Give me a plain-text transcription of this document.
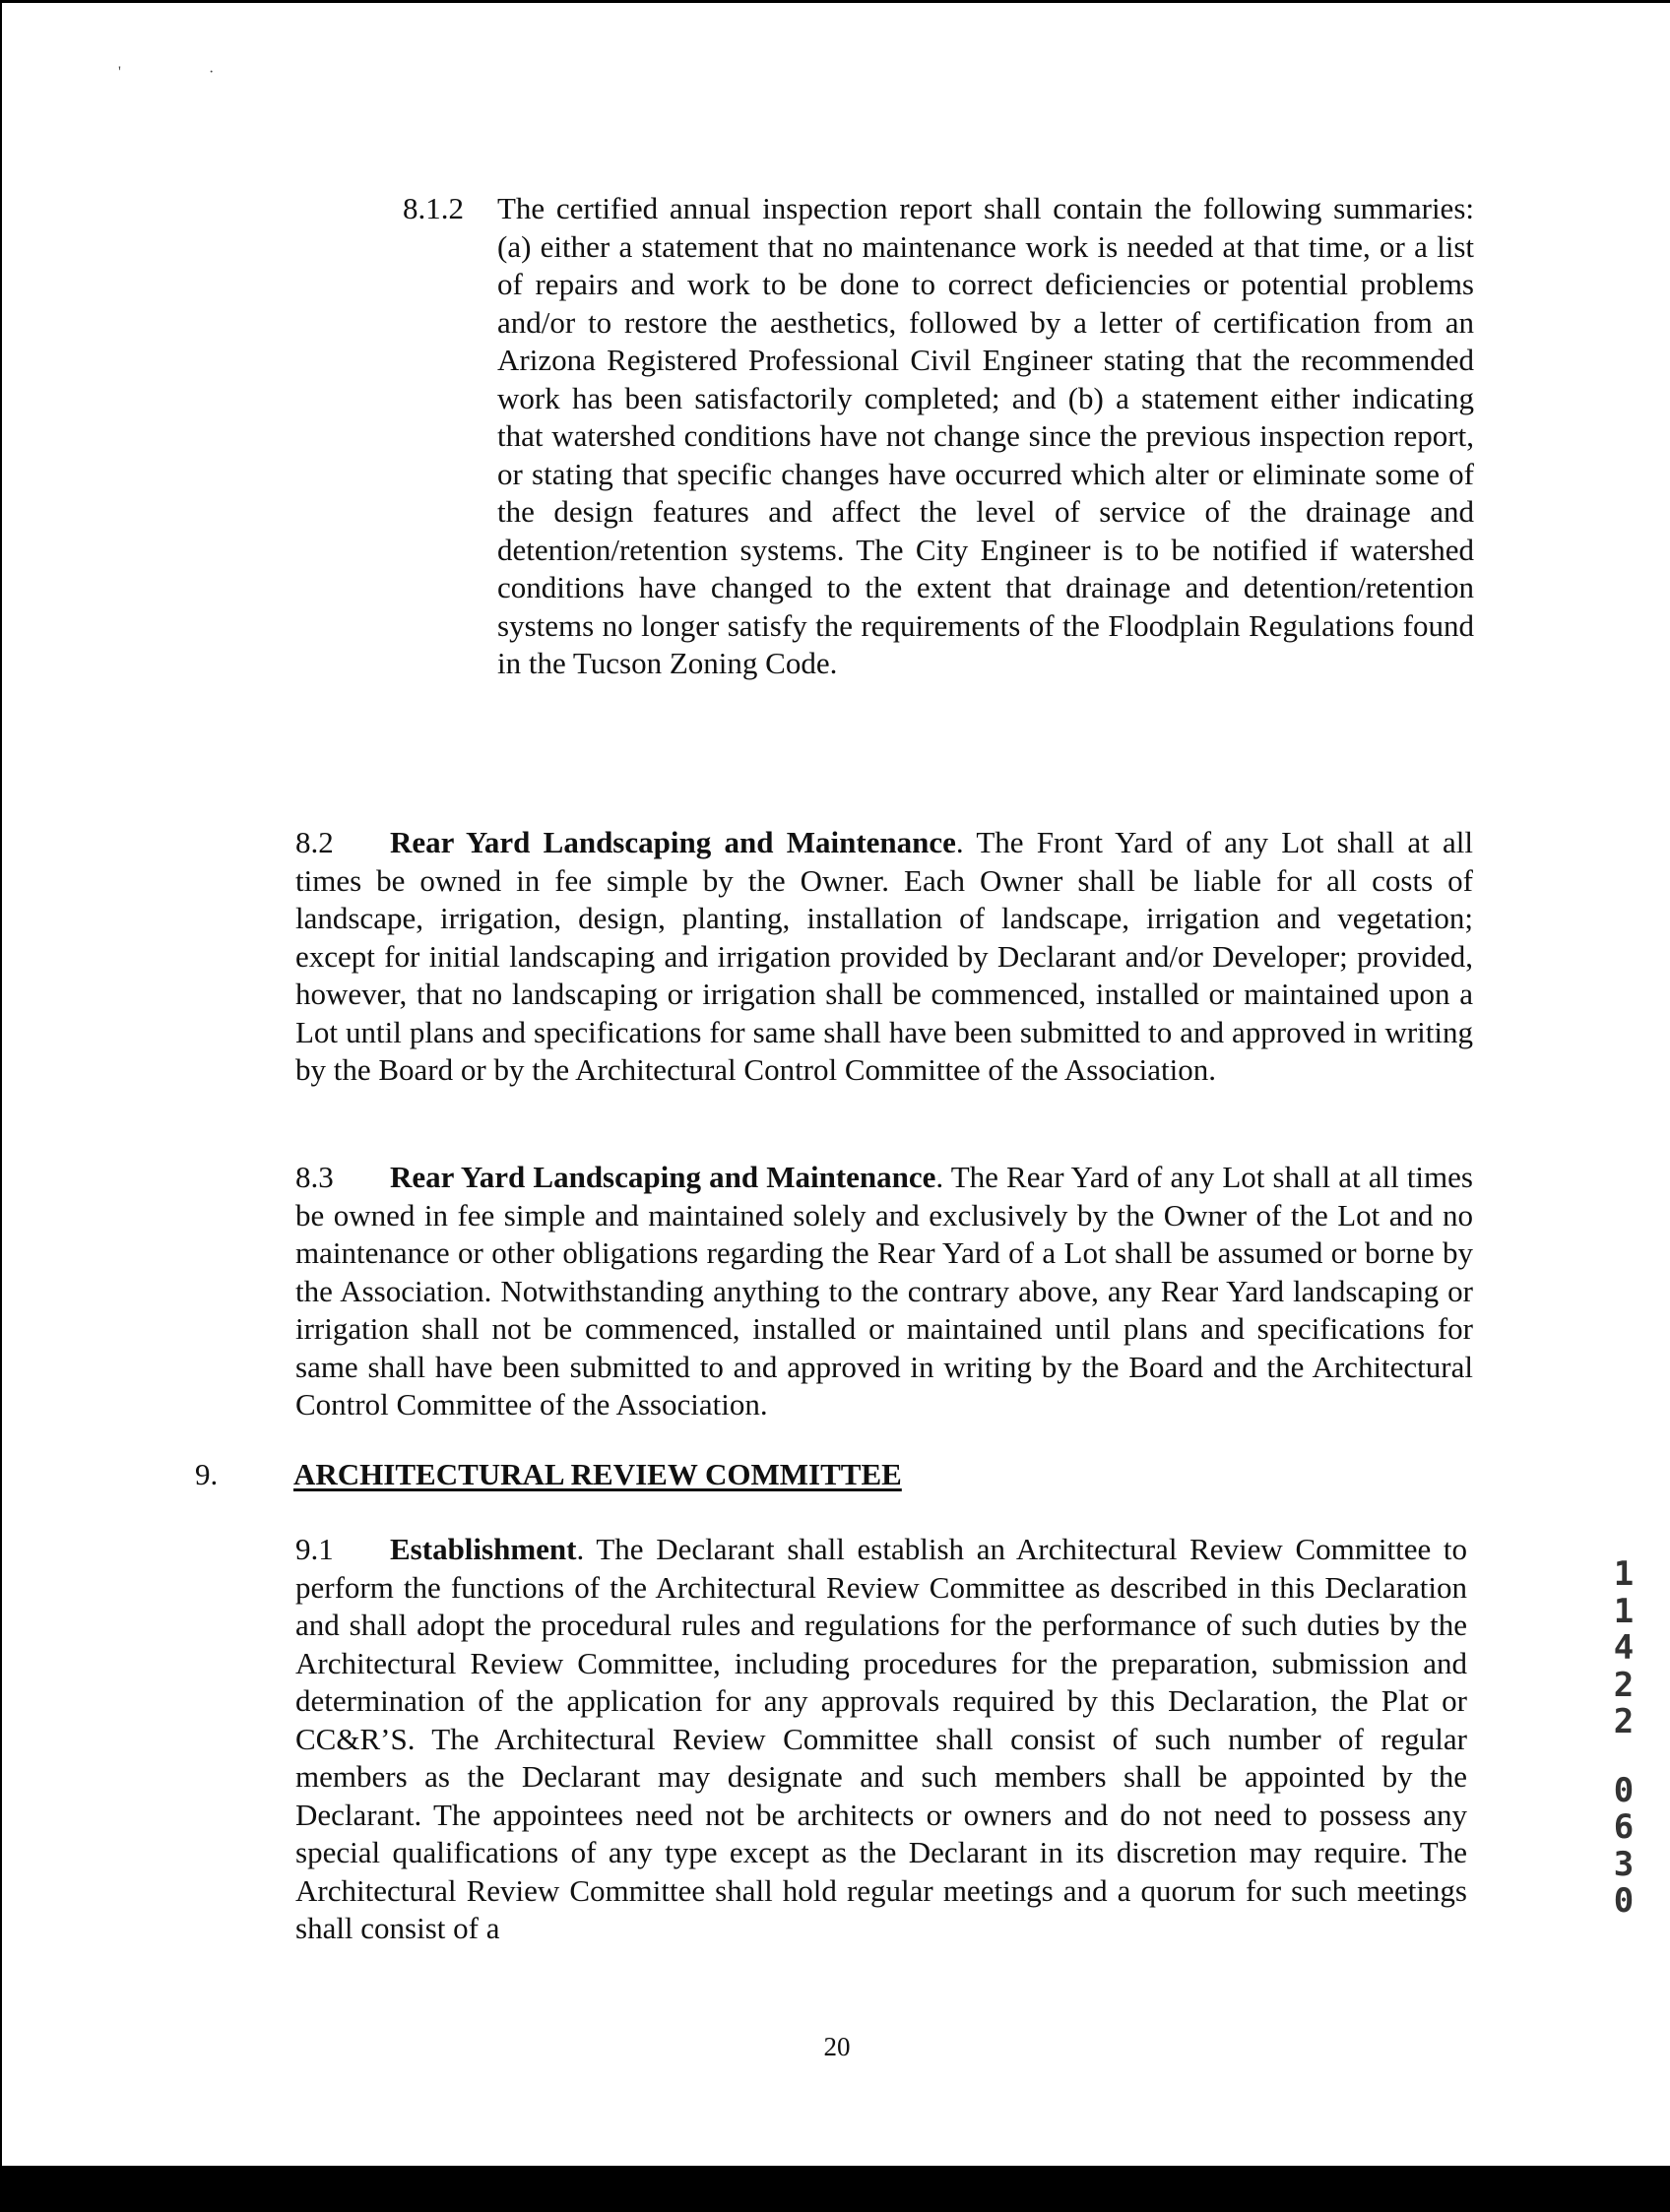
'	·
8.1.2 The certified annual inspection report shall contain the following summaries: (a) either a statement that no maintenance work is needed at that time, or a list of repairs and work to be done to correct deficiencies or potential problems and/or to restore the aesthetics, followed by a letter of certification from an Arizona Registered Professional Civil Engineer stating that the recommended work has been satisfactorily completed; and (b) a statement either indicating that watershed conditions have not change since the previous inspection report, or stating that specific changes have occurred which alter or eliminate some of the design features and affect the level of service of the drainage and detention/retention systems. The City Engineer is to be notified if watershed conditions have changed to the extent that drainage and detention/retention systems no longer satisfy the requirements of the Floodplain Regulations found in the Tucson Zoning Code.

8.2 Rear Yard Landscaping and Maintenance. The Front Yard of any Lot shall at all times be owned in fee simple by the Owner. Each Owner shall be liable for all costs of landscape, irrigation, design, planting, installation of landscape, irrigation and vegetation; except for initial landscaping and irrigation provided by Declarant and/or Developer; provided, however, that no landscaping or irrigation shall be commenced, installed or maintained upon a Lot until plans and specifications for same shall have been submitted to and approved in writing by the Board or by the Architectural Control Committee of the Association.

8.3 Rear Yard Landscaping and Maintenance. The Rear Yard of any Lot shall at all times be owned in fee simple and maintained solely and exclusively by the Owner of the Lot and no maintenance or other obligations regarding the Rear Yard of a Lot shall be assumed or borne by the Association. Notwithstanding anything to the contrary above, any Rear Yard landscaping or irrigation shall not be commenced, installed or maintained until plans and specifications for same shall have been submitted to and approved in writing by the Board and the Architectural Control Committee of the Association.

9. ARCHITECTURAL REVIEW COMMITTEE

9.1 Establishment. The Declarant shall establish an Architectural Review Committee to perform the functions of the Architectural Review Committee as described in this Declaration and shall adopt the procedural rules and regulations for the performance of such duties by the Architectural Review Committee, including procedures for the preparation, submission and determination of the application for any approvals required by this Declaration, the Plat or CC&R’S. The Architectural Review Committee shall consist of such number of regular members as the Declarant may designate and such members shall be appointed by the Declarant. The appointees need not be architects or owners and do not need to possess any special qualifications of any type except as the Declarant in its discretion may require. The Architectural Review Committee shall hold regular meetings and a quorum for such meetings shall consist of a

1
1
4
2
2
0
6
3
0
20
